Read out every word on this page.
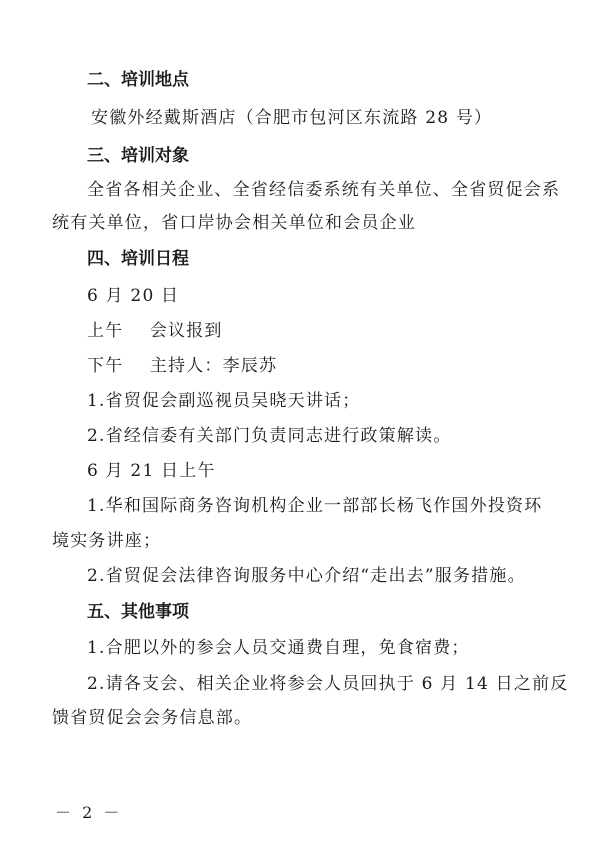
二、培训地点
安徽外经戴斯酒店（合肥市包河区东流路 28 号）
三、培训对象
全省各相关企业、全省经信委系统有关单位、全省贸促会系
统有关单位，省口岸协会相关单位和会员企业
四、培训日程
6 月 20 日
上午    会议报到
下午    主持人：李辰苏
1.省贸促会副巡视员吴晓天讲话；
2.省经信委有关部门负责同志进行政策解读。
6 月 21 日上午
1.华和国际商务咨询机构企业一部部长杨飞作国外投资环
境实务讲座；
2.省贸促会法律咨询服务中心介绍“走出去”服务措施。
五、其他事项
1.合肥以外的参会人员交通费自理，免食宿费；
2.请各支会、相关企业将参会人员回执于 6 月 14 日之前反
馈省贸促会会务信息部。
－ 2 －
